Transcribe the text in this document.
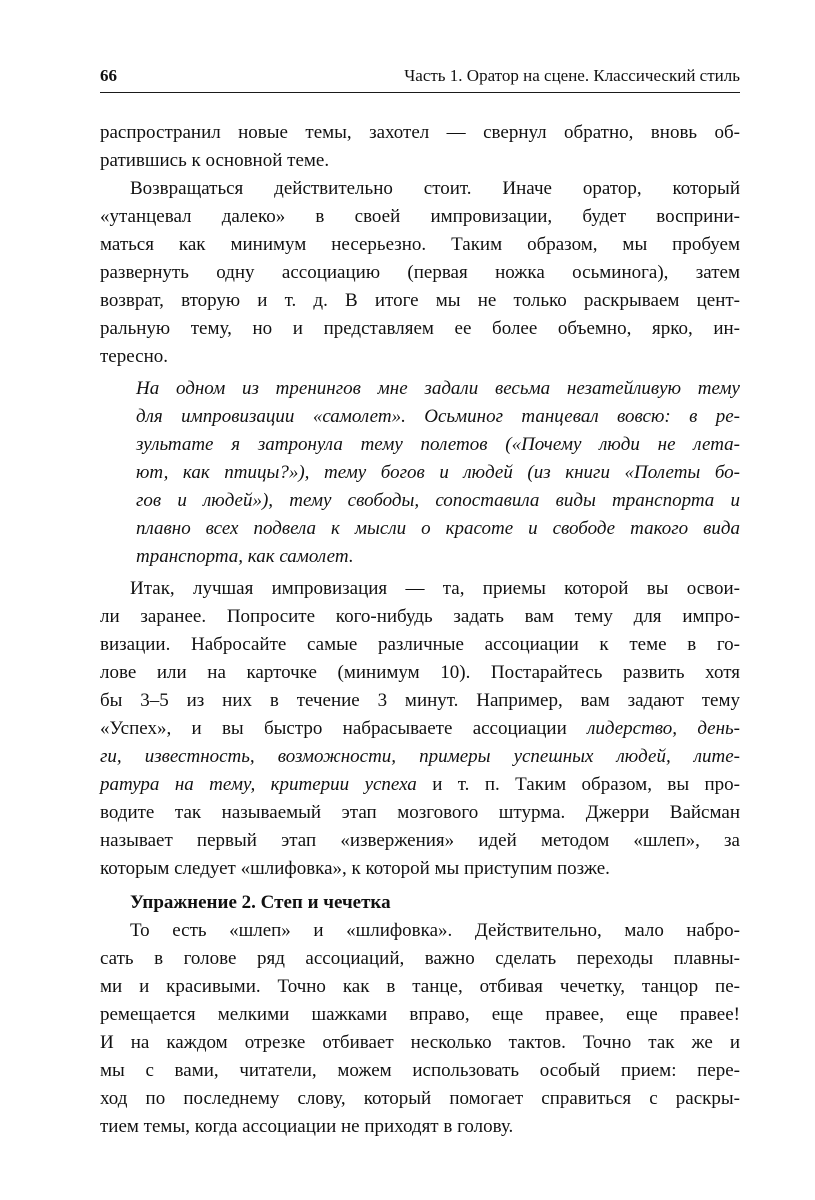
66	Часть 1. Оратор на сцене. Классический стиль
распространил новые темы, захотел — свернул обратно, вновь об-
ратившись к основной теме.
Возвращаться действительно стоит. Иначе оратор, который
«утанцевал далеко» в своей импровизации, будет восприни-
маться как минимум несерьезно. Таким образом, мы пробуем
развернуть одну ассоциацию (первая ножка осьминога), затем
возврат, вторую и т. д. В итоге мы не только раскрываем цент-
ральную тему, но и представляем ее более объемно, ярко, ин-
тересно.
На одном из тренингов мне задали весьма незатейливую тему
для импровизации «самолет». Осьминог танцевал вовсю: в ре-
зультате я затронула тему полетов («Почему люди не лета-
ют, как птицы?»), тему богов и людей (из книги «Полеты бо-
гов и людей»), тему свободы, сопоставила виды транспорта и
плавно всех подвела к мысли о красоте и свободе такого вида
транспорта, как самолет.
Итак, лучшая импровизация — та, приемы которой вы освои-
ли заранее. Попросите кого-нибудь задать вам тему для импро-
визации. Набросайте самые различные ассоциации к теме в го-
лове или на карточке (минимум 10). Постарайтесь развить хотя
бы 3–5 из них в течение 3 минут. Например, вам задают тему
«Успех», и вы быстро набрасываете ассоциации лидерство, день-
ги, известность, возможности, примеры успешных людей, лите-
ратура на тему, критерии успеха и т. п. Таким образом, вы про-
водите так называемый этап мозгового штурма. Джерри Вайсман
называет первый этап «извержения» идей методом «шлеп», за
которым следует «шлифовка», к которой мы приступим позже.
Упражнение 2. Степ и чечетка
То есть «шлеп» и «шлифовка». Действительно, мало набро-
сать в голове ряд ассоциаций, важно сделать переходы плавны-
ми и красивыми. Точно как в танце, отбивая чечетку, танцор пе-
ремещается мелкими шажками вправо, еще правее, еще правее!
И на каждом отрезке отбивает несколько тактов. Точно так же и
мы с вами, читатели, можем использовать особый прием: пере-
ход по последнему слову, который помогает справиться с раскры-
тием темы, когда ассоциации не приходят в голову.
